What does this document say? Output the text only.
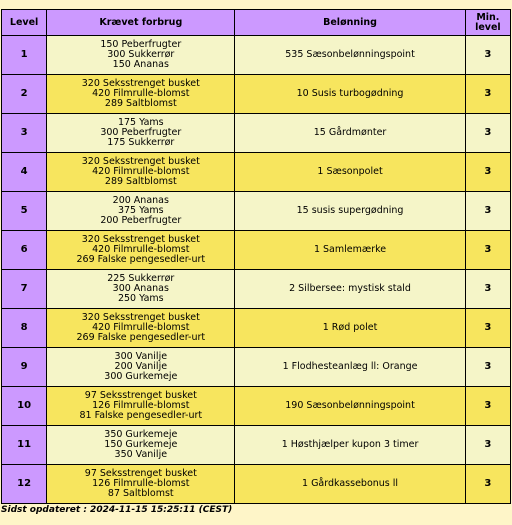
Level	Krævet forbrug	Belønning	Min. level
1	150 Peberfrugter
300 Sukkerrør
150 Ananas	535 Sæsonbelønningspoint	3
2	320 Seksstrenget busket
420 Filmrulle-blomst
289 Saltblomst	10 Susis turbogødning	3
3	175 Yams
300 Peberfrugter
175 Sukkerrør	15 Gårdmønter	3
4	320 Seksstrenget busket
420 Filmrulle-blomst
289 Saltblomst	1 Sæsonpolet	3
5	200 Ananas
375 Yams
200 Peberfrugter	15 susis supergødning	3
6	320 Seksstrenget busket
420 Filmrulle-blomst
269 Falske pengesedler-urt	1 Samlemærke	3
7	225 Sukkerrør
300 Ananas
250 Yams	2 Silbersee: mystisk stald	3
8	320 Seksstrenget busket
420 Filmrulle-blomst
269 Falske pengesedler-urt	1 Rød polet	3
9	300 Vanilje
200 Vanilje
300 Gurkemeje	1 Flodhesteanlæg ll: Orange	3
10	97 Seksstrenget busket
126 Filmrulle-blomst
81 Falske pengesedler-urt	190 Sæsonbelønningspoint	3
11	350 Gurkemeje
150 Gurkemeje
350 Vanilje	1 Høsthjælper kupon 3 timer	3
12	97 Seksstrenget busket
126 Filmrulle-blomst
87 Saltblomst	1 Gårdkassebonus ll	3
Sidst opdateret : 2024-11-15 15:25:11 (CEST)
